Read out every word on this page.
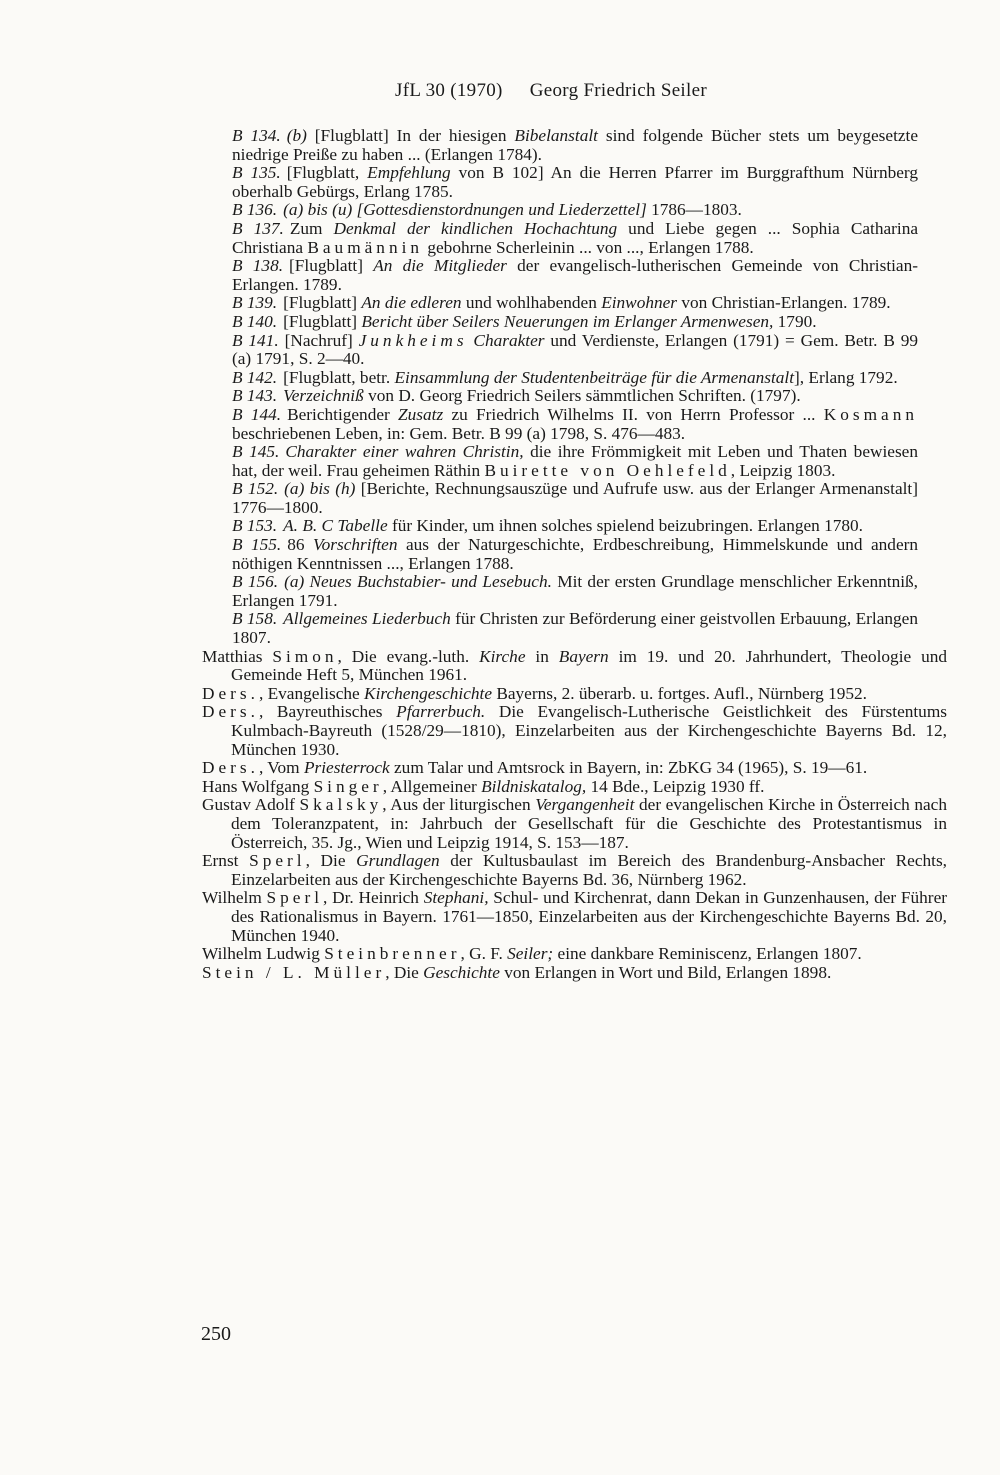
JfL 30 (1970) Georg Friedrich Seiler

B 134. (b) [Flugblatt] In der hiesigen Bibelanstalt sind folgende Bücher stets um beygesetzte niedrige Preiße zu haben ... (Erlangen 1784).

B 135. [Flugblatt, Empfehlung von B 102] An die Herren Pfarrer im Burggrafthum Nürnberg oberhalb Gebürgs, Erlang 1785.

B 136. (a) bis (u) [Gottesdienstordnungen und Liederzettel] 1786—1803.

B 137. Zum Denkmal der kindlichen Hochachtung und Liebe gegen ... Sophia Catharina Christiana Baumännin gebohrne Scherleinin ... von ..., Erlangen 1788.

B 138. [Flugblatt] An die Mitglieder der evangelisch-lutherischen Gemeinde von Christian-Erlangen. 1789.

B 139. [Flugblatt] An die edleren und wohlhabenden Einwohner von Christian-Erlangen. 1789.

B 140. [Flugblatt] Bericht über Seilers Neuerungen im Erlanger Armenwesen, 1790.

B 141. [Nachruf] Junkheims Charakter und Verdienste, Erlangen (1791) = Gem. Betr. B 99 (a) 1791, S. 2—40.

B 142. [Flugblatt, betr. Einsammlung der Studentenbeiträge für die Armenanstalt], Erlang 1792.

B 143. Verzeichniß von D. Georg Friedrich Seilers sämmtlichen Schriften. (1797).

B 144. Berichtigender Zusatz zu Friedrich Wilhelms II. von Herrn Professor ... Kosmann beschriebenen Leben, in: Gem. Betr. B 99 (a) 1798, S. 476—483.

B 145. Charakter einer wahren Christin, die ihre Frömmigkeit mit Leben und Thaten bewiesen hat, der weil. Frau geheimen Räthin Buirette von Oehlefeld, Leipzig 1803.

B 152. (a) bis (h) [Berichte, Rechnungsauszüge und Aufrufe usw. aus der Erlanger Armenanstalt] 1776—1800.

B 153. A. B. C Tabelle für Kinder, um ihnen solches spielend beizubringen. Erlangen 1780.

B 155. 86 Vorschriften aus der Naturgeschichte, Erdbeschreibung, Himmelskunde und andern nöthigen Kenntnissen ..., Erlangen 1788.

B 156. (a) Neues Buchstabier- und Lesebuch. Mit der ersten Grundlage menschlicher Erkenntniß, Erlangen 1791.

B 158. Allgemeines Liederbuch für Christen zur Beförderung einer geistvollen Erbauung, Erlangen 1807.

Matthias Simon, Die evang.-luth. Kirche in Bayern im 19. und 20. Jahrhundert, Theologie und Gemeinde Heft 5, München 1961.

Ders., Evangelische Kirchengeschichte Bayerns, 2. überarb. u. fortges. Aufl., Nürnberg 1952.

Ders., Bayreuthisches Pfarrerbuch. Die Evangelisch-Lutherische Geistlichkeit des Fürstentums Kulmbach-Bayreuth (1528/29—1810), Einzelarbeiten aus der Kirchengeschichte Bayerns Bd. 12, München 1930.

Ders., Vom Priesterrock zum Talar und Amtsrock in Bayern, in: ZbKG 34 (1965), S. 19—61.

Hans Wolfgang Singer, Allgemeiner Bildniskatalog, 14 Bde., Leipzig 1930 ff.

Gustav Adolf Skalsky, Aus der liturgischen Vergangenheit der evangelischen Kirche in Österreich nach dem Toleranzpatent, in: Jahrbuch der Gesellschaft für die Geschichte des Protestantismus in Österreich, 35. Jg., Wien und Leipzig 1914, S. 153—187.

Ernst Sperl, Die Grundlagen der Kultusbaulast im Bereich des Brandenburg-Ansbacher Rechts, Einzelarbeiten aus der Kirchengeschichte Bayerns Bd. 36, Nürnberg 1962.

Wilhelm Sperl, Dr. Heinrich Stephani, Schul- und Kirchenrat, dann Dekan in Gunzenhausen, der Führer des Rationalismus in Bayern. 1761—1850, Einzelarbeiten aus der Kirchengeschichte Bayerns Bd. 20, München 1940.

Wilhelm Ludwig Steinbrenner, G. F. Seiler; eine dankbare Reminiscenz, Erlangen 1807.

Stein / L. Müller, Die Geschichte von Erlangen in Wort und Bild, Erlangen 1898.

250
